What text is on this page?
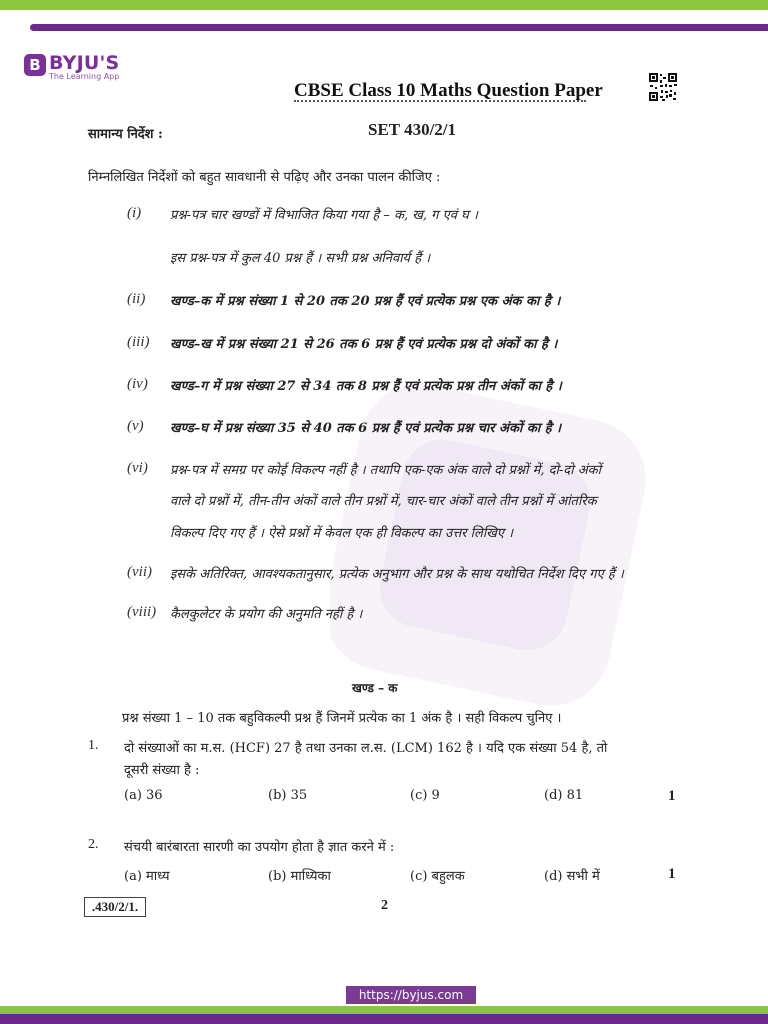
B BYJU'S
The Learning App
CBSE Class 10 Maths Question Paper
सामान्य निर्देश :	SET 430/2/1
निम्नलिखित निर्देशों को बहुत सावधानी से पढ़िए और उनका पालन कीजिए :
(i) प्रश्न-पत्र चार खण्डों में विभाजित किया गया है – क, ख, ग एवं घ ।
इस प्रश्न-पत्र में कुल 40 प्रश्न हैं । सभी प्रश्न अनिवार्य हैं ।
(ii) खण्ड–क में प्रश्न संख्या 1 से 20 तक 20 प्रश्न हैं एवं प्रत्येक प्रश्न एक अंक का है ।
(iii) खण्ड–ख में प्रश्न संख्या 21 से 26 तक 6 प्रश्न हैं एवं प्रत्येक प्रश्न दो अंकों का है ।
(iv) खण्ड–ग में प्रश्न संख्या 27 से 34 तक 8 प्रश्न हैं एवं प्रत्येक प्रश्न तीन अंकों का है ।
(v) खण्ड–घ में प्रश्न संख्या 35 से 40 तक 6 प्रश्न हैं एवं प्रत्येक प्रश्न चार अंकों का है ।
(vi) प्रश्न-पत्र में समग्र पर कोई विकल्प नहीं है । तथापि एक-एक अंक वाले दो प्रश्नों में, दो-दो अंकों
वाले दो प्रश्नों में, तीन-तीन अंकों वाले तीन प्रश्नों में, चार-चार अंकों वाले तीन प्रश्नों में आंतरिक
विकल्प दिए गए हैं । ऐसे प्रश्नों में केवल एक ही विकल्प का उत्तर लिखिए ।
(vii) इसके अतिरिक्त, आवश्यकतानुसार, प्रत्येक अनुभाग और प्रश्न के साथ यथोचित निर्देश दिए गए हैं ।
(viii) कैलकुलेटर के प्रयोग की अनुमति नहीं है ।
खण्ड – क
प्रश्न संख्या 1 – 10 तक बहुविकल्पी प्रश्न हैं जिनमें प्रत्येक का 1 अंक है । सही विकल्प चुनिए ।
1. दो संख्याओं का म.स. (HCF) 27 है तथा उनका ल.स. (LCM) 162 है । यदि एक संख्या 54 है, तो
दूसरी संख्या है :
(a) 36	(b) 35	(c) 9	(d) 81	1
2. संचयी बारंबारता सारणी का उपयोग होता है ज्ञात करने में :
(a) माध्य	(b) माध्यिका	(c) बहुलक	(d) सभी में	1
.430/2/1.	2
https://byjus.com
